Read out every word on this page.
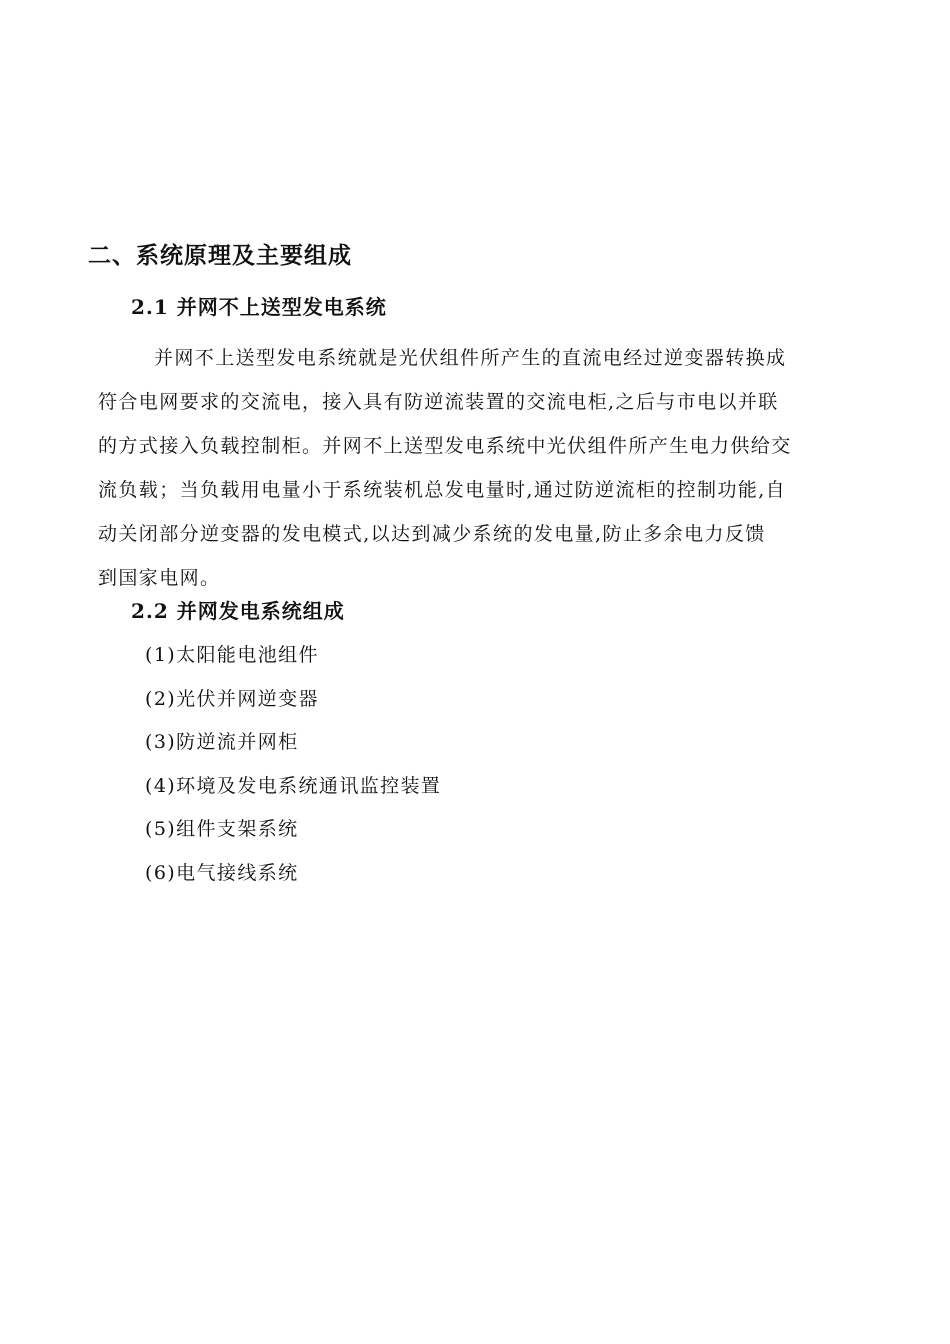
二、系统原理及主要组成
2.1 并网不上送型发电系统
并网不上送型发电系统就是光伏组件所产生的直流电经过逆变器转换成
符合电网要求的交流电，接入具有防逆流装置的交流电柜,之后与市电以并联
的方式接入负载控制柜。并网不上送型发电系统中光伏组件所产生电力供给交
流负载；当负载用电量小于系统装机总发电量时,通过防逆流柜的控制功能,自
动关闭部分逆变器的发电模式,以达到减少系统的发电量,防止多余电力反馈
到国家电网。
2.2 并网发电系统组成
(1)太阳能电池组件
(2)光伏并网逆变器
(3)防逆流并网柜
(4)环境及发电系统通讯监控装置
(5)组件支架系统
(6)电气接线系统
